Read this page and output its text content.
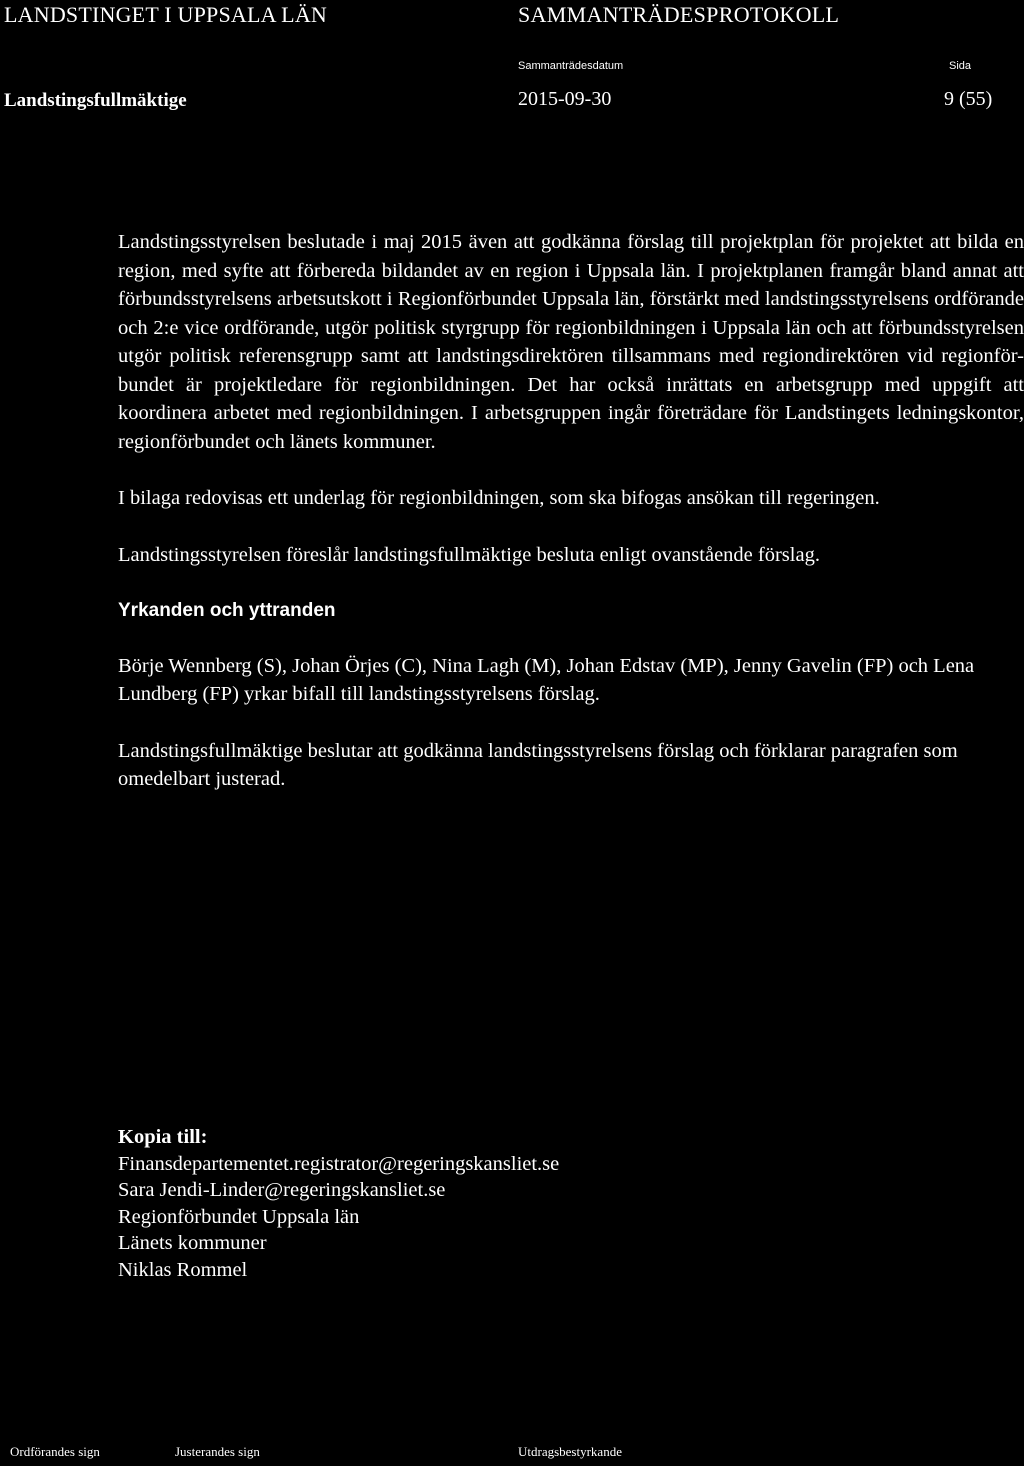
LANDSTINGET I UPPSALA LÄN	SAMMANTRÄDESPROTOKOLL
Sammanträdesdatum	Sida
Landstingsfullmäktige	2015-09-30	9 (55)

Landstingsstyrelsen beslutade i maj 2015 även att godkänna förslag till projektplan för projektet att bilda en region, med syfte att förbereda bildandet av en region i Uppsala län. I projektplanen framgår bland annat att förbundsstyrelsens arbetsutskott i Regionförbundet Uppsala län, förstärkt med landstingsstyrelsens ordförande och 2:e vice ordförande, utgör politisk styrgrupp för regionbildningen i Uppsala län och att förbundsstyrelsen utgör politisk referensgrupp samt att landstingsdirektören tillsammans med regiondirektören vid regionför-bundet är projektledare för regionbildningen. Det har också inrättats en arbetsgrupp med uppgift att koordinera arbetet med regionbildningen. I arbetsgruppen ingår företrädare för Landstingets ledningskontor, regionförbundet och länets kommuner.

I bilaga redovisas ett underlag för regionbildningen, som ska bifogas ansökan till regeringen.

Landstingsstyrelsen föreslår landstingsfullmäktige besluta enligt ovanstående förslag.

Yrkanden och yttranden

Börje Wennberg (S), Johan Örjes (C), Nina Lagh (M), Johan Edstav (MP), Jenny Gavelin (FP) och Lena Lundberg (FP) yrkar bifall till landstingsstyrelsens förslag.

Landstingsfullmäktige beslutar att godkänna landstingsstyrelsens förslag och förklarar paragrafen som omedelbart justerad.

Kopia till:
Finansdepartementet.registrator@regeringskansliet.se
Sara Jendi-Linder@regeringskansliet.se
Regionförbundet Uppsala län
Länets kommuner
Niklas Rommel
Ordförandes sign	Justerandes sign	Utdragsbestyrkande
